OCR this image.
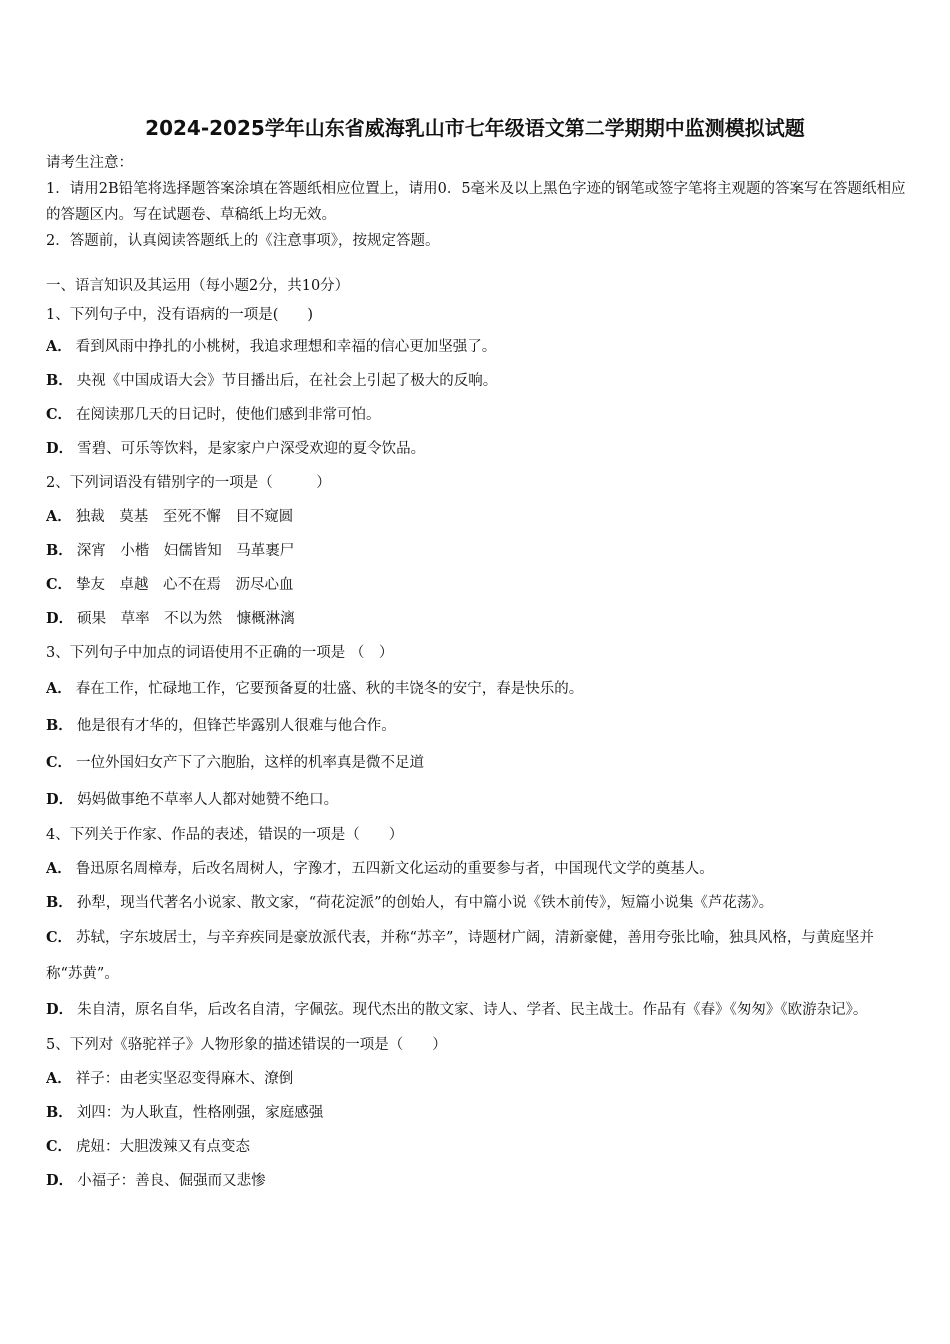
2024-2025学年山东省威海乳山市七年级语文第二学期期中监测模拟试题

请考生注意：

1．请用2B铅笔将选择题答案涂填在答题纸相应位置上，请用0．5毫米及以上黑色字迹的钢笔或签字笔将主观题的答案写在答题纸相应的答题区内。写在试题卷、草稿纸上均无效。

2．答题前，认真阅读答题纸上的《注意事项》，按规定答题。

一、语言知识及其运用（每小题2分，共10分）

1、下列句子中，没有语病的一项是(　　)

A． 看到风雨中挣扎的小桃树，我追求理想和幸福的信心更加坚强了。

B． 央视《中国成语大会》节目播出后，在社会上引起了极大的反响。

C． 在阅读那几天的日记时，使他们感到非常可怕。

D． 雪碧、可乐等饮料，是家家户户深受欢迎的夏令饮品。

2、下列词语没有错别字的一项是（　　　）

A． 独裁　莫基　至死不懈　目不窥圆

B． 深宵　小楷　妇儒皆知　马革裹尸

C． 挚友　卓越　心不在焉　沥尽心血

D． 硕果　草率　不以为然　慷概淋漓

3、下列句子中加点的词语使用不正确的一项是 （　）

A． 春在工作，忙碌地工作，它要预备夏的壮盛、秋的丰饶冬的安宁，春是快乐的。

B． 他是很有才华的，但锋芒毕露别人很难与他合作。

C． 一位外国妇女产下了六胞胎，这样的机率真是微不足道

D． 妈妈做事绝不草率人人都对她赞不绝口。

4、下列关于作家、作品的表述，错误的一项是（　　）

A． 鲁迅原名周樟寿，后改名周树人，字豫才，五四新文化运动的重要参与者，中国现代文学的奠基人。

B． 孙犁，现当代著名小说家、散文家，“荷花淀派”的创始人，有中篇小说《铁木前传》，短篇小说集《芦花荡》。

C． 苏轼，字东坡居士，与辛弃疾同是豪放派代表，并称“苏辛”，诗题材广阔，清新豪健，善用夸张比喻，独具风格，与黄庭坚并称“苏黄”。

D． 朱自清，原名自华，后改名自清，字佩弦。现代杰出的散文家、诗人、学者、民主战士。作品有《春》《匆匆》《欧游杂记》。

5、下列对《骆驼祥子》人物形象的描述错误的一项是（　　）

A． 祥子：由老实坚忍变得麻木、潦倒

B． 刘四：为人耿直，性格刚强，家庭感强

C． 虎妞：大胆泼辣又有点变态

D． 小福子：善良、倔强而又悲惨
